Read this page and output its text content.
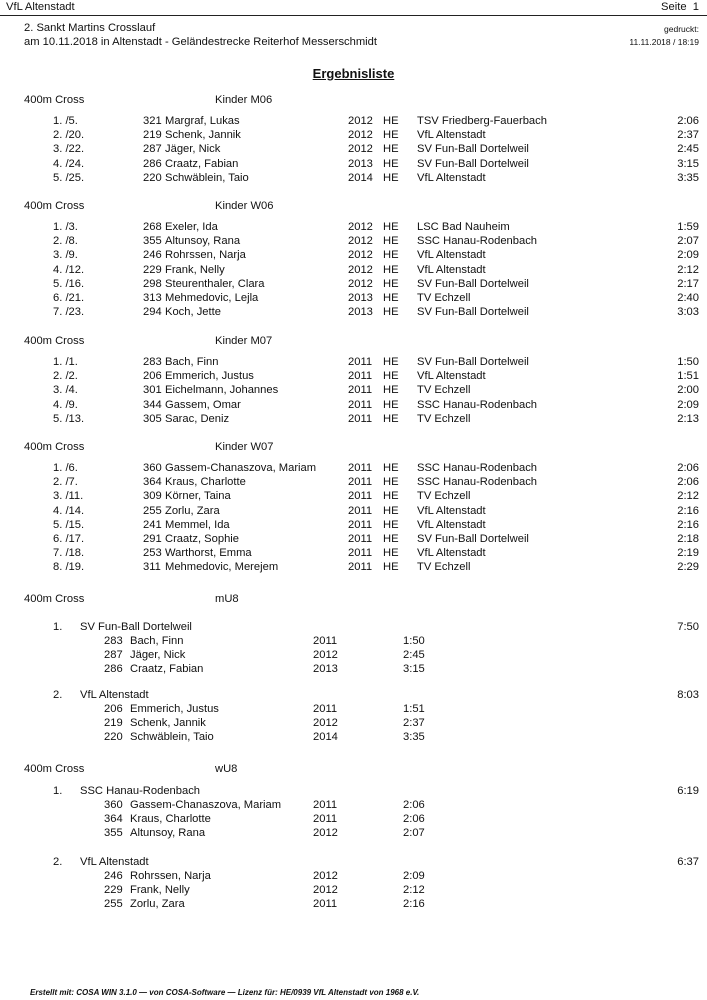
VfL Altenstadt	Seite 1
2. Sankt Martins Crosslauf
am 10.11.2018 in Altenstadt - Geländestrecke Reiterhof Messerschmidt
gedruckt:
11.11.2018 / 18:19
Ergebnisliste
400m Cross	Kinder M06
1. /5.	321 Margraf, Lukas	2012 HE TSV Friedberg-Fauerbach	2:06
2. /20.	219 Schenk, Jannik	2012 HE VfL Altenstadt	2:37
3. /22.	287 Jäger, Nick	2012 HE SV Fun-Ball Dortelweil	2:45
4. /24.	286 Craatz, Fabian	2013 HE SV Fun-Ball Dortelweil	3:15
5. /25.	220 Schwäblein, Taio	2014 HE VfL Altenstadt	3:35
400m Cross	Kinder W06
1. /3.	268 Exeler, Ida	2012 HE LSC Bad Nauheim	1:59
2. /8.	355 Altunsoy, Rana	2012 HE SSC Hanau-Rodenbach	2:07
3. /9.	246 Rohrssen, Narja	2012 HE VfL Altenstadt	2:09
4. /12.	229 Frank, Nelly	2012 HE VfL Altenstadt	2:12
5. /16.	298 Steurenthaler, Clara	2012 HE SV Fun-Ball Dortelweil	2:17
6. /21.	313 Mehmedovic, Lejla	2013 HE TV Echzell	2:40
7. /23.	294 Koch, Jette	2013 HE SV Fun-Ball Dortelweil	3:03
400m Cross	Kinder M07
1. /1.	283 Bach, Finn	2011 HE SV Fun-Ball Dortelweil	1:50
2. /2.	206 Emmerich, Justus	2011 HE VfL Altenstadt	1:51
3. /4.	301 Eichelmann, Johannes	2011 HE TV Echzell	2:00
4. /9.	344 Gassem, Omar	2011 HE SSC Hanau-Rodenbach	2:09
5. /13.	305 Sarac, Deniz	2011 HE TV Echzell	2:13
400m Cross	Kinder W07
1. /6.	360 Gassem-Chanaszova, Mariam	2011 HE SSC Hanau-Rodenbach	2:06
2. /7.	364 Kraus, Charlotte	2011 HE SSC Hanau-Rodenbach	2:06
3. /11.	309 Körner, Taina	2011 HE TV Echzell	2:12
4. /14.	255 Zorlu, Zara	2011 HE VfL Altenstadt	2:16
5. /15.	241 Memmel, Ida	2011 HE VfL Altenstadt	2:16
6. /17.	291 Craatz, Sophie	2011 HE SV Fun-Ball Dortelweil	2:18
7. /18.	253 Warthorst, Emma	2011 HE VfL Altenstadt	2:19
8. /19.	311 Mehmedovic, Merejem	2011 HE TV Echzell	2:29
400m Cross	mU8
1. SV Fun-Ball Dortelweil	7:50
283 Bach, Finn	2011	1:50
287 Jäger, Nick	2012	2:45
286 Craatz, Fabian	2013	3:15
2. VfL Altenstadt	8:03
206 Emmerich, Justus	2011	1:51
219 Schenk, Jannik	2012	2:37
220 Schwäblein, Taio	2014	3:35
400m Cross	wU8
1. SSC Hanau-Rodenbach	6:19
360 Gassem-Chanaszova, Mariam	2011	2:06
364 Kraus, Charlotte	2011	2:06
355 Altunsoy, Rana	2012	2:07
2. VfL Altenstadt	6:37
246 Rohrssen, Narja	2012	2:09
229 Frank, Nelly	2012	2:12
255 Zorlu, Zara	2011	2:16
Erstellt mit: COSA WIN 3.1.0 — von COSA-Software — Lizenz für: HE/0939 VfL Altenstadt von 1968 e.V.
